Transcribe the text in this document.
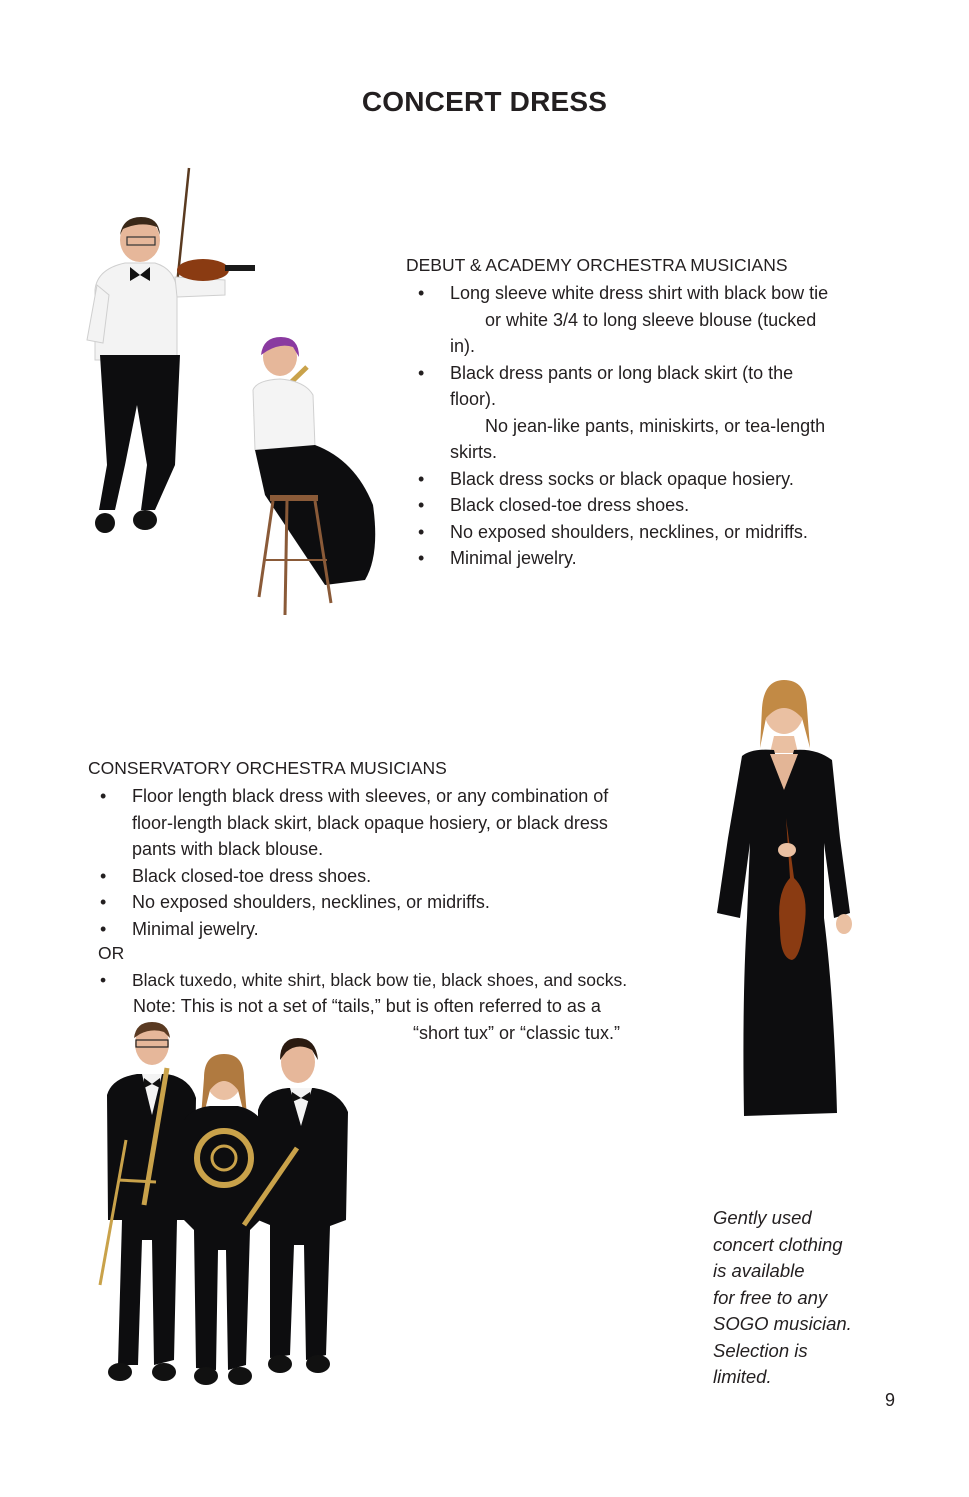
CONCERT DRESS
DEBUT & ACADEMY ORCHESTRA MUSICIANS
• Long sleeve white dress shirt with black bow tie
or white 3/4 to long sleeve blouse (tucked
in).
• Black dress pants or long black skirt (to the
floor).
No jean-like pants, miniskirts, or tea-length
skirts.
• Black dress socks or black opaque hosiery.
• Black closed-toe dress shoes.
• No exposed shoulders, necklines, or midriffs.
• Minimal jewelry.
CONSERVATORY ORCHESTRA MUSICIANS
• Floor length black dress with sleeves, or any combination of
floor-length black skirt, black opaque hosiery, or black dress
pants with black blouse.
• Black closed-toe dress shoes.
• No exposed shoulders, necklines, or midriffs.
• Minimal jewelry.
OR
• Black tuxedo, white shirt, black bow tie, black shoes, and socks.
Note: This is not a set of “tails,” but is often referred to as a
“short tux” or “classic tux.”
Gently used
concert clothing
is available
for free to any
SOGO musician.
Selection is
limited.
9
